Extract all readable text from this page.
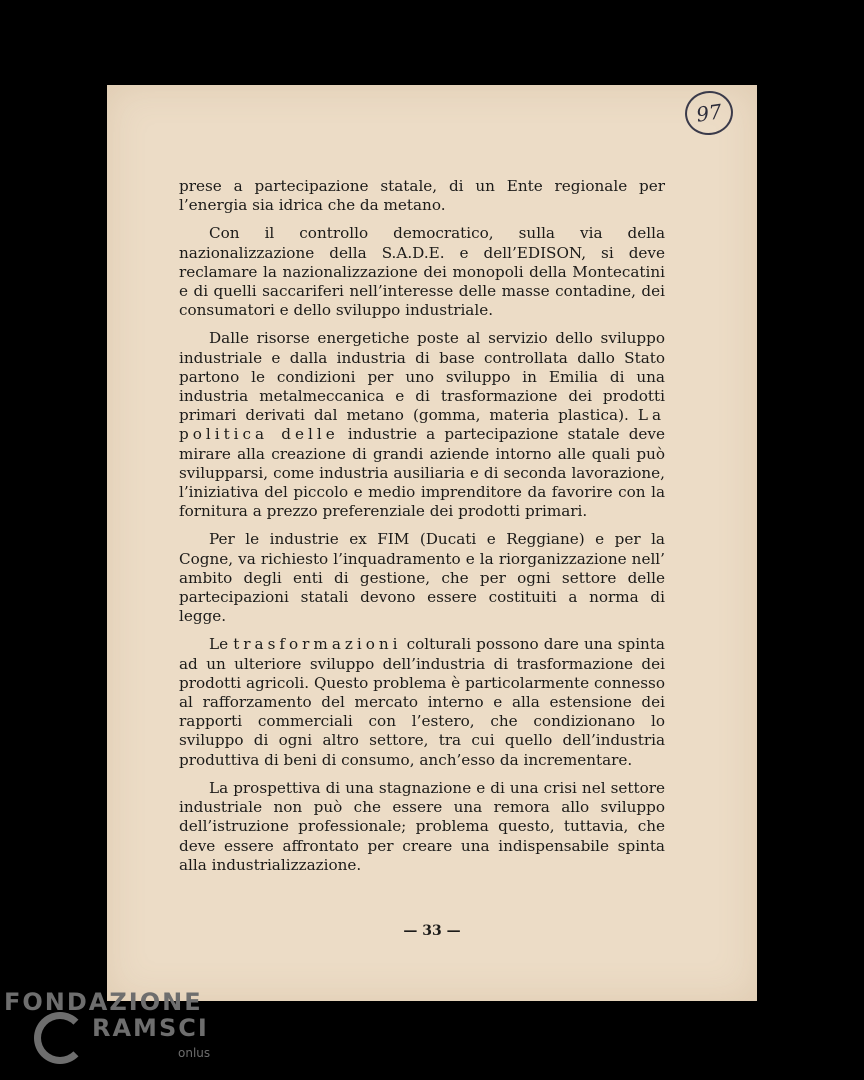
97

prese a partecipazione statale, di un Ente regionale per l’energia sia idrica che da metano.

Con il controllo democratico, sulla via della nazionalizzazione della S.A.D.E. e dell’EDISON, si deve reclamare la nazionalizzazione dei monopoli della Montecatini e di quelli saccariferi nell’interesse delle masse contadine, dei consumatori e dello sviluppo industriale.

Dalle risorse energetiche poste al servizio dello sviluppo industriale e dalla industria di base controllata dallo Stato partono le condizioni per uno sviluppo in Emilia di una industria metalmeccanica e di trasformazione dei prodotti primari derivati dal metano (gomma, materia plastica). La politica delle industrie a partecipazione statale deve mirare alla creazione di grandi aziende intorno alle quali può svilupparsi, come industria ausiliaria e di seconda lavorazione, l’iniziativa del piccolo e medio imprenditore da favorire con la fornitura a prezzo preferenziale dei prodotti primari.

Per le industrie ex FIM (Ducati e Reggiane) e per la Cogne, va richiesto l’inquadramento e la riorganizzazione nell’ ambito degli enti di gestione, che per ogni settore delle partecipazioni statali devono essere costituiti a norma di legge.

Le trasformazioni colturali possono dare una spinta ad un ulteriore sviluppo dell’industria di trasformazione dei prodotti agricoli. Questo problema è particolarmente connesso al rafforzamento del mercato interno e alla estensione dei rapporti commerciali con l’estero, che condizionano lo sviluppo di ogni altro settore, tra cui quello dell’industria produttiva di beni di consumo, anch’esso da incrementare.

La prospettiva di una stagnazione e di una crisi nel settore industriale non può che essere una remora allo sviluppo dell’istruzione professionale; problema questo, tuttavia, che deve essere affrontato per creare una indispensabile spinta alla industrializzazione.

— 33 —
FONDAZIONE
RAMSCI
onlus
